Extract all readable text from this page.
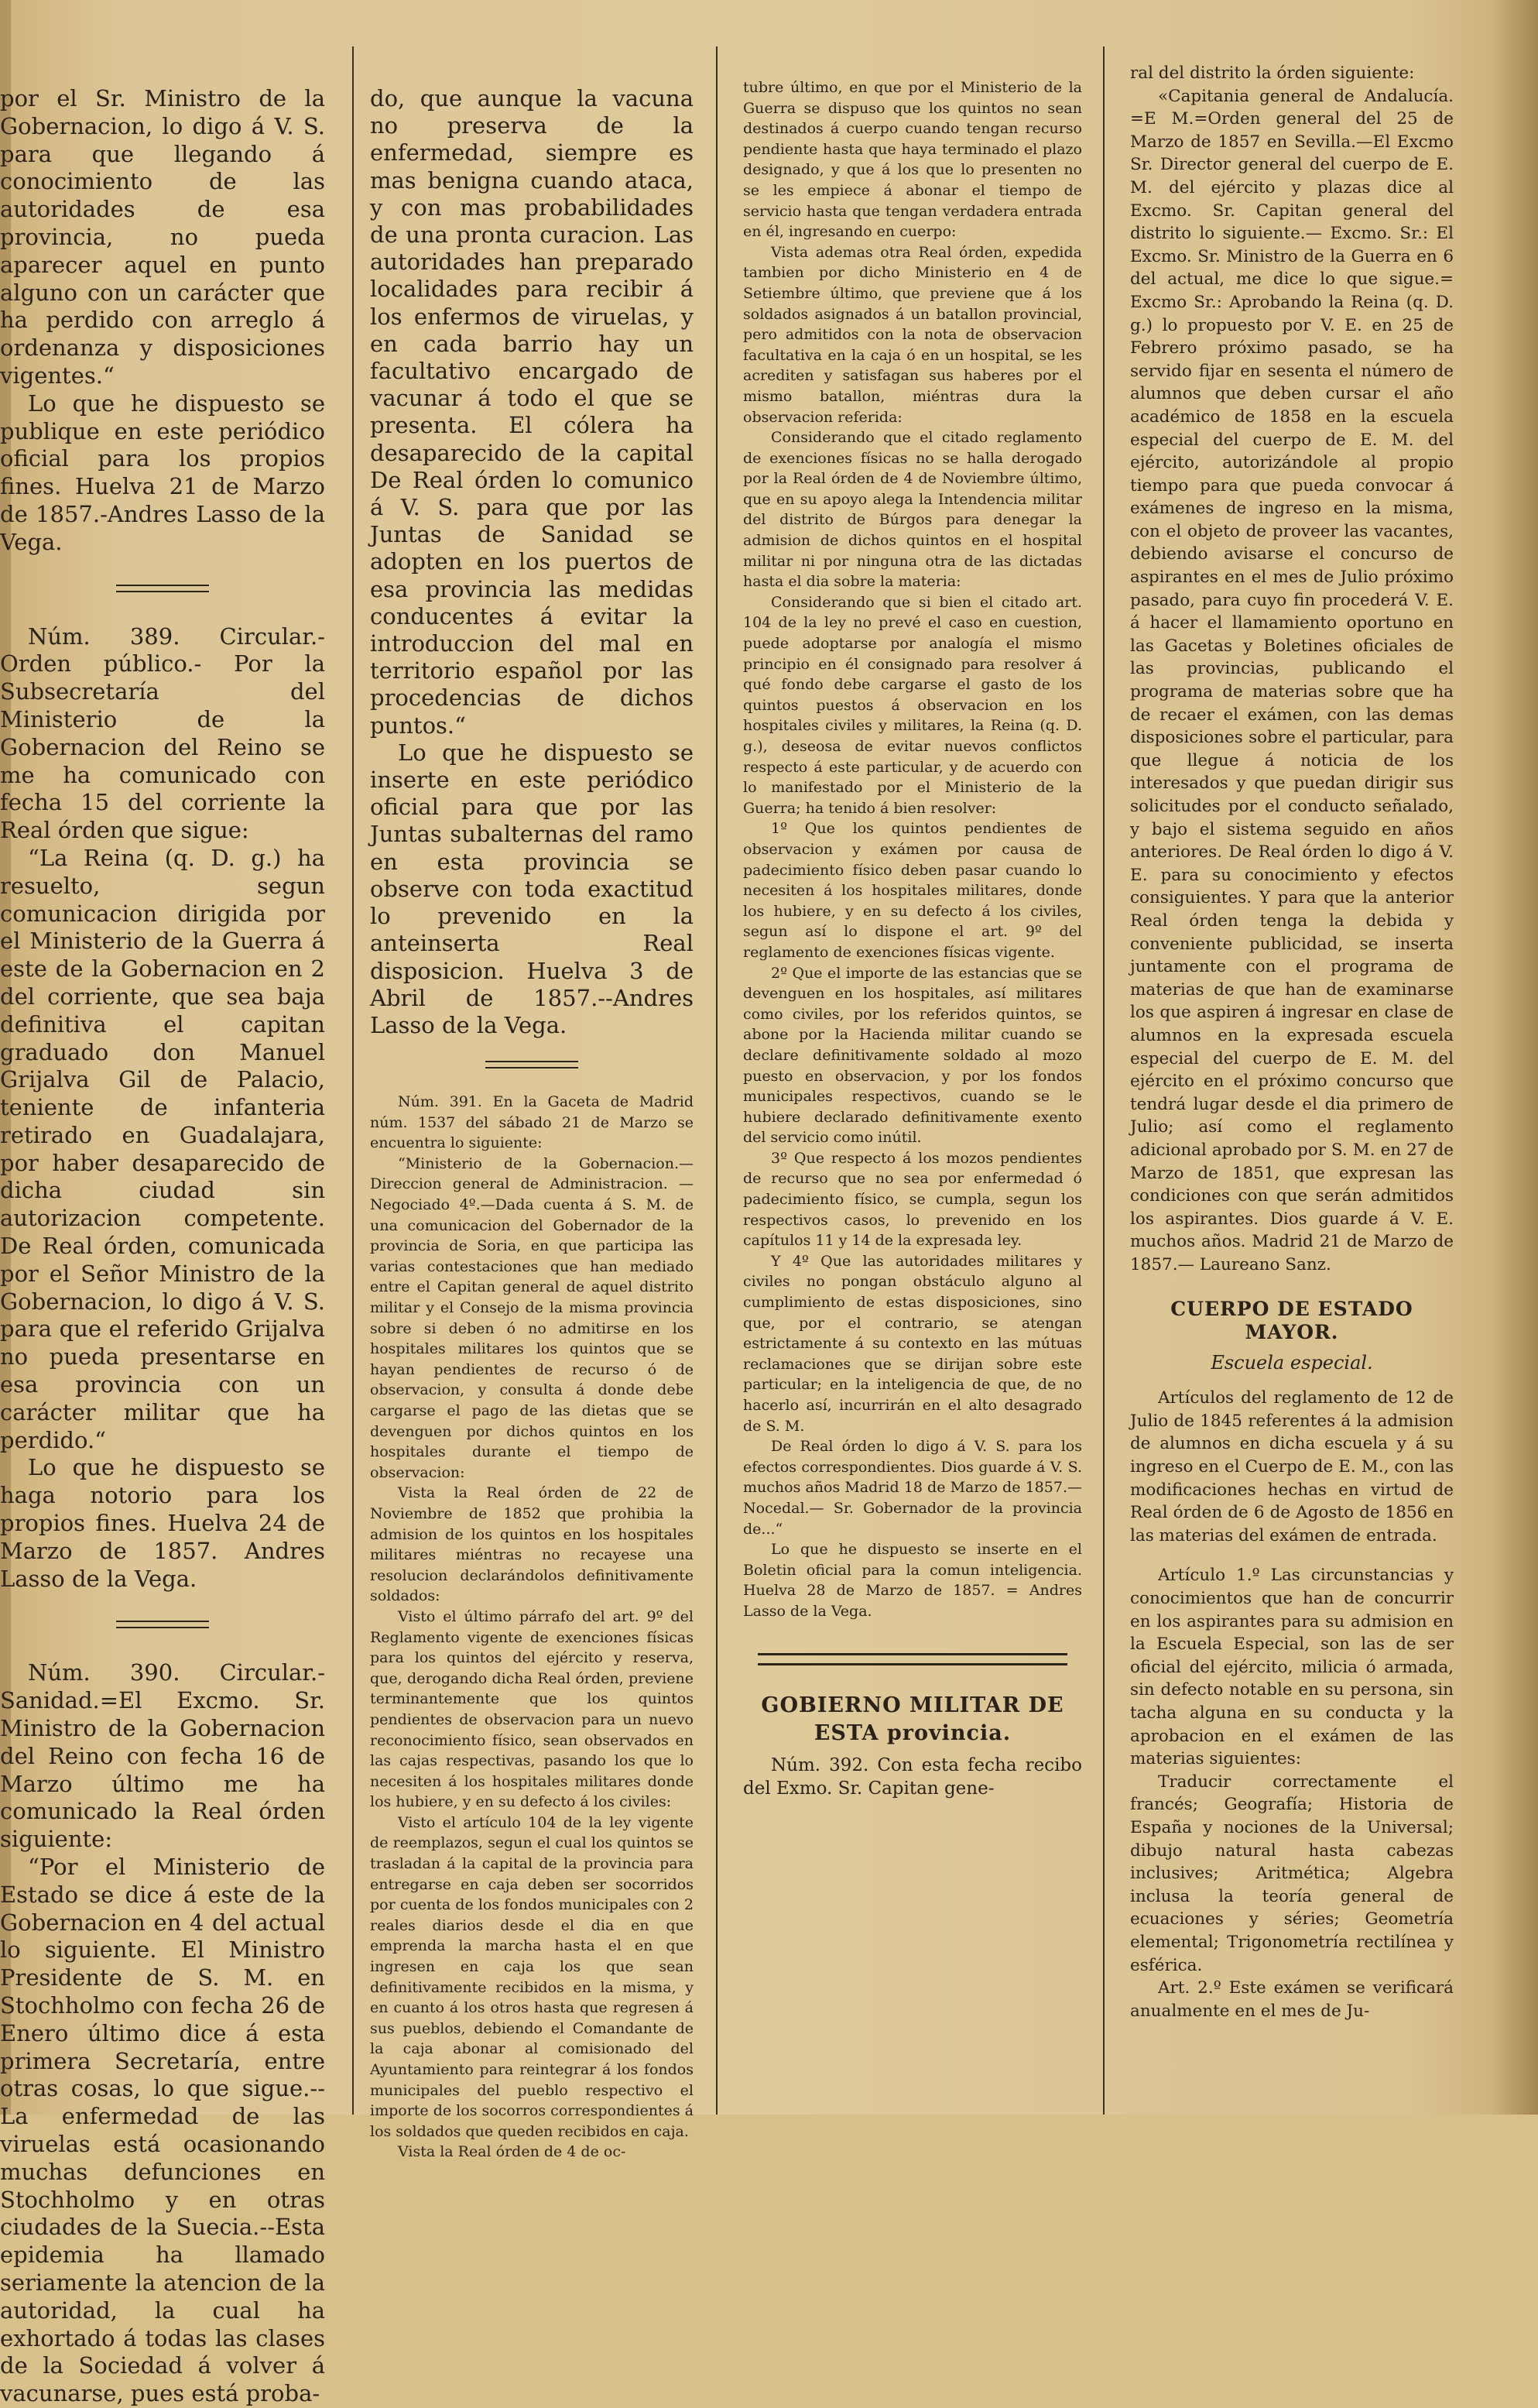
por el Sr. Ministro de la Gobernacion, lo digo á V. S. para que llegando á conocimiento de las autoridades de esa provincia, no pueda aparecer aquel en punto alguno con un carácter que ha perdido con arreglo á ordenanza y disposiciones vigentes.“

Lo que he dispuesto se publique en este periódico oficial para los propios fines. Huelva 21 de Marzo de 1857.-Andres Lasso de la Vega.

Núm. 389. Circular.-Orden público.- Por la Subsecretaría del Ministerio de la Gobernacion del Reino se me ha comunicado con fecha 15 del corriente la Real órden que sigue:

“La Reina (q. D. g.) ha resuelto, segun comunicacion dirigida por el Ministerio de la Guerra á este de la Gobernacion en 2 del corriente, que sea baja definitiva el capitan graduado don Manuel Grijalva Gil de Palacio, teniente de infanteria retirado en Guadalajara, por haber desaparecido de dicha ciudad sin autorizacion competente. De Real órden, comunicada por el Señor Ministro de la Gobernacion, lo digo á V. S. para que el referido Grijalva no pueda presentarse en esa provincia con un carácter militar que ha perdido.“

Lo que he dispuesto se haga notorio para los propios fines. Huelva 24 de Marzo de 1857. Andres Lasso de la Vega.

Núm. 390. Circular.-Sanidad.=El Excmo. Sr. Ministro de la Gobernacion del Reino con fecha 16 de Marzo último me ha comunicado la Real órden siguiente:

“Por el Ministerio de Estado se dice á este de la Gobernacion en 4 del actual lo siguiente. El Ministro Presidente de S. M. en Stochholmo con fecha 26 de Enero último dice á esta primera Secretaría, entre otras cosas, lo que sigue.--La enfermedad de las viruelas está ocasionando muchas defunciones en Stochholmo y en otras ciudades de la Suecia.--Esta epidemia ha llamado seriamente la atencion de la autoridad, la cual ha exhortado á todas las clases de la Sociedad á volver á vacunarse, pues está proba-

do, que aunque la vacuna no preserva de la enfermedad, siempre es mas benigna cuando ataca, y con mas probabilidades de una pronta curacion. Las autoridades han preparado localidades para recibir á los enfermos de viruelas, y en cada barrio hay un facultativo encargado de vacunar á todo el que se presenta. El cólera ha desaparecido de la capital De Real órden lo comunico á V. S. para que por las Juntas de Sanidad se adopten en los puertos de esa provincia las medidas conducentes á evitar la introduccion del mal en territorio español por las procedencias de dichos puntos.“

Lo que he dispuesto se inserte en este periódico oficial para que por las Juntas subalternas del ramo en esta provincia se observe con toda exactitud lo prevenido en la anteinserta Real disposicion. Huelva 3 de Abril de 1857.--Andres Lasso de la Vega.

Núm. 391. En la Gaceta de Madrid núm. 1537 del sábado 21 de Marzo se encuentra lo siguiente:

“Ministerio de la Gobernacion.— Direccion general de Administracion. —Negociado 4º.—Dada cuenta á S. M. de una comunicacion del Gobernador de la provincia de Soria, en que participa las varias contestaciones que han mediado entre el Capitan general de aquel distrito militar y el Consejo de la misma provincia sobre si deben ó no admitirse en los hospitales militares los quintos que se hayan pendientes de recurso ó de observacion, y consulta á donde debe cargarse el pago de las dietas que se devenguen por dichos quintos en los hospitales durante el tiempo de observacion:

Vista la Real órden de 22 de Noviembre de 1852 que prohibia la admision de los quintos en los hospitales militares miéntras no recayese una resolucion declarándolos definitivamente soldados:

Visto el último párrafo del art. 9º del Reglamento vigente de exenciones físicas para los quintos del ejército y reserva, que, derogando dicha Real órden, previene terminantemente que los quintos pendientes de observacion para un nuevo reconocimiento físico, sean observados en las cajas respectivas, pasando los que lo necesiten á los hospitales militares donde los hubiere, y en su defecto á los civiles:

Visto el artículo 104 de la ley vigente de reemplazos, segun el cual los quintos se trasladan á la capital de la provincia para entregarse en caja deben ser socorridos por cuenta de los fondos municipales con 2 reales diarios desde el dia en que emprenda la marcha hasta el en que ingresen en caja los que sean definitivamente recibidos en la misma, y en cuanto á los otros hasta que regresen á sus pueblos, debiendo el Comandante de la caja abonar al comisionado del Ayuntamiento para reintegrar á los fondos municipales del pueblo respectivo el importe de los socorros correspondientes á los soldados que queden recibidos en caja.

Vista la Real órden de 4 de oc-

tubre último, en que por el Ministerio de la Guerra se dispuso que los quintos no sean destinados á cuerpo cuando tengan recurso pendiente hasta que haya terminado el plazo designado, y que á los que lo presenten no se les empiece á abonar el tiempo de servicio hasta que tengan verdadera entrada en él, ingresando en cuerpo:

Vista ademas otra Real órden, expedida tambien por dicho Ministerio en 4 de Setiembre último, que previene que á los soldados asignados á un batallon provincial, pero admitidos con la nota de observacion facultativa en la caja ó en un hospital, se les acrediten y satisfagan sus haberes por el mismo batallon, miéntras dura la observacion referida:

Considerando que el citado reglamento de exenciones físicas no se halla derogado por la Real órden de 4 de Noviembre último, que en su apoyo alega la Intendencia militar del distrito de Búrgos para denegar la admision de dichos quintos en el hospital militar ni por ninguna otra de las dictadas hasta el dia sobre la materia:

Considerando que si bien el citado art. 104 de la ley no prevé el caso en cuestion, puede adoptarse por analogía el mismo principio en él consignado para resolver á qué fondo debe cargarse el gasto de los quintos puestos á observacion en los hospitales civiles y militares, la Reina (q. D. g.), deseosa de evitar nuevos conflictos respecto á este particular, y de acuerdo con lo manifestado por el Ministerio de la Guerra; ha tenido á bien resolver:

1º Que los quintos pendientes de observacion y exámen por causa de padecimiento físico deben pasar cuando lo necesiten á los hospitales militares, donde los hubiere, y en su defecto á los civiles, segun así lo dispone el art. 9º del reglamento de exenciones físicas vigente.

2º Que el importe de las estancias que se devenguen en los hospitales, así militares como civiles, por los referidos quintos, se abone por la Hacienda militar cuando se declare definitivamente soldado al mozo puesto en observacion, y por los fondos municipales respectivos, cuando se le hubiere declarado definitivamente exento del servicio como inútil.

3º Que respecto á los mozos pendientes de recurso que no sea por enfermedad ó padecimiento físico, se cumpla, segun los respectivos casos, lo prevenido en los capítulos 11 y 14 de la expresada ley.

Y 4º Que las autoridades militares y civiles no pongan obstáculo alguno al cumplimiento de estas disposiciones, sino que, por el contrario, se atengan estrictamente á su contexto en las mútuas reclamaciones que se dirijan sobre este particular; en la inteligencia de que, de no hacerlo así, incurrirán en el alto desagrado de S. M.

De Real órden lo digo á V. S. para los efectos correspondientes. Dios guarde á V. S. muchos años Madrid 18 de Marzo de 1857.—Nocedal.— Sr. Gobernador de la provincia de...“

Lo que he dispuesto se inserte en el Boletin oficial para la comun inteligencia. Huelva 28 de Marzo de 1857. = Andres Lasso de la Vega.

GOBIERNO MILITAR DE ESTA provincia.

Núm. 392. Con esta fecha recibo del Exmo. Sr. Capitan gene-

ral del distrito la órden siguiente:

«Capitania general de Andalucía. =E M.=Orden general del 25 de Marzo de 1857 en Sevilla.—El Excmo Sr. Director general del cuerpo de E. M. del ejército y plazas dice al Excmo. Sr. Capitan general del distrito lo siguiente.— Excmo. Sr.: El Excmo. Sr. Ministro de la Guerra en 6 del actual, me dice lo que sigue.= Excmo Sr.: Aprobando la Reina (q. D. g.) lo propuesto por V. E. en 25 de Febrero próximo pasado, se ha servido fijar en sesenta el número de alumnos que deben cursar el año académico de 1858 en la escuela especial del cuerpo de E. M. del ejército, autorizándole al propio tiempo para que pueda convocar á exámenes de ingreso en la misma, con el objeto de proveer las vacantes, debiendo avisarse el concurso de aspirantes en el mes de Julio próximo pasado, para cuyo fin procederá V. E. á hacer el llamamiento oportuno en las Gacetas y Boletines oficiales de las provincias, publicando el programa de materias sobre que ha de recaer el exámen, con las demas disposiciones sobre el particular, para que llegue á noticia de los interesados y que puedan dirigir sus solicitudes por el conducto señalado, y bajo el sistema seguido en años anteriores. De Real órden lo digo á V. E. para su conocimiento y efectos consiguientes. Y para que la anterior Real órden tenga la debida y conveniente publicidad, se inserta juntamente con el programa de materias de que han de examinarse los que aspiren á ingresar en clase de alumnos en la expresada escuela especial del cuerpo de E. M. del ejército en el próximo concurso que tendrá lugar desde el dia primero de Julio; así como el reglamento adicional aprobado por S. M. en 27 de Marzo de 1851, que expresan las condiciones con que serán admitidos los aspirantes. Dios guarde á V. E. muchos años. Madrid 21 de Marzo de 1857.— Laureano Sanz.

CUERPO DE ESTADO MAYOR.

Escuela especial.

Artículos del reglamento de 12 de Julio de 1845 referentes á la admision de alumnos en dicha escuela y á su ingreso en el Cuerpo de E. M., con las modificaciones hechas en virtud de Real órden de 6 de Agosto de 1856 en las materias del exámen de entrada.

Artículo 1.º Las circunstancias y conocimientos que han de concurrir en los aspirantes para su admision en la Escuela Especial, son las de ser oficial del ejército, milicia ó armada, sin defecto notable en su persona, sin tacha alguna en su conducta y la aprobacion en el exámen de las materias siguientes:

Traducir correctamente el francés; Geografía; Historia de España y nociones de la Universal; dibujo natural hasta cabezas inclusives; Aritmética; Algebra inclusa la teoría general de ecuaciones y séries; Geometría elemental; Trigonometría rectilínea y esférica.

Art. 2.º Este exámen se verificará anualmente en el mes de Ju-
